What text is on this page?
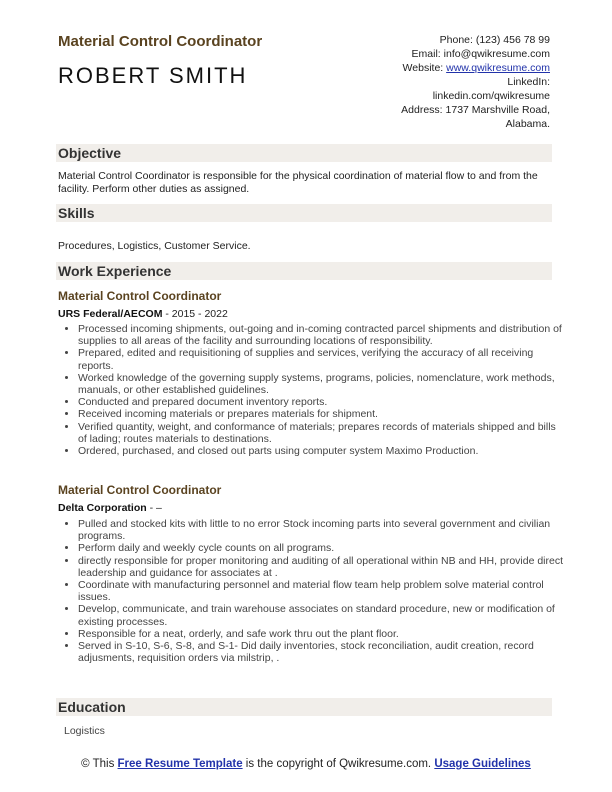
Material Control Coordinator
ROBERT SMITH
Phone: (123) 456 78 99
Email: info@qwikresume.com
Website: www.qwikresume.com
LinkedIn:
linkedin.com/qwikresume
Address: 1737 Marshville Road,
Alabama.
Objective
Material Control Coordinator is responsible for the physical coordination of material flow to and from the facility. Perform other duties as assigned.
Skills
Procedures, Logistics, Customer Service.
Work Experience
Material Control Coordinator
URS Federal/AECOM - 2015 - 2022
• Processed incoming shipments, out-going and in-coming contracted parcel shipments and distribution of supplies to all areas of the facility and surrounding locations of responsibility.
• Prepared, edited and requisitioning of supplies and services, verifying the accuracy of all receiving reports.
• Worked knowledge of the governing supply systems, programs, policies, nomenclature, work methods, manuals, or other established guidelines.
• Conducted and prepared document inventory reports.
• Received incoming materials or prepares materials for shipment.
• Verified quantity, weight, and conformance of materials; prepares records of materials shipped and bills of lading; routes materials to destinations.
• Ordered, purchased, and closed out parts using computer system Maximo Production.
Material Control Coordinator
Delta Corporation - –
• Pulled and stocked kits with little to no error Stock incoming parts into several government and civilian programs.
• Perform daily and weekly cycle counts on all programs.
• directly responsible for proper monitoring and auditing of all operational within NB and HH, provide direct leadership and guidance for associates at .
• Coordinate with manufacturing personnel and material flow team help problem solve material control issues.
• Develop, communicate, and train warehouse associates on standard procedure, new or modification of existing processes.
• Responsible for a neat, orderly, and safe work thru out the plant floor.
• Served in S-10, S-6, S-8, and S-1- Did daily inventories, stock reconciliation, audit creation, record adjusments, requisition orders via milstrip, .
Education
Logistics
© This Free Resume Template is the copyright of Qwikresume.com. Usage Guidelines
